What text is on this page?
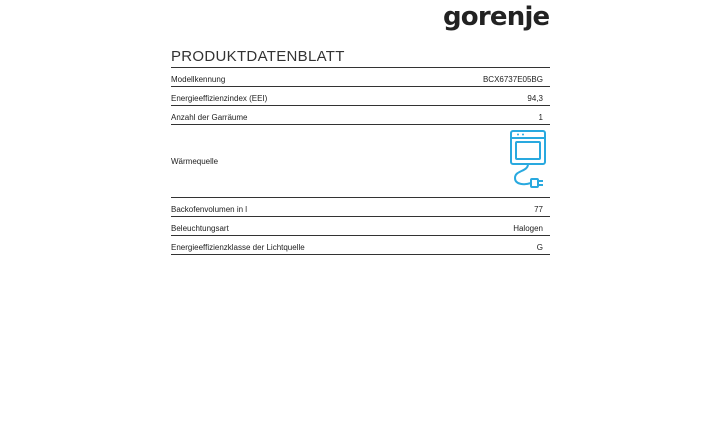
gorenje
PRODUKTDATENBLATT
Modellkennung	BCX6737E05BG
Energieeffizienzindex (EEI)	94,3
Anzahl der Garräume	1
Wärmequelle
Backofenvolumen in l	77
Beleuchtungsart	Halogen
Energieeffizienzklasse der Lichtquelle	G
